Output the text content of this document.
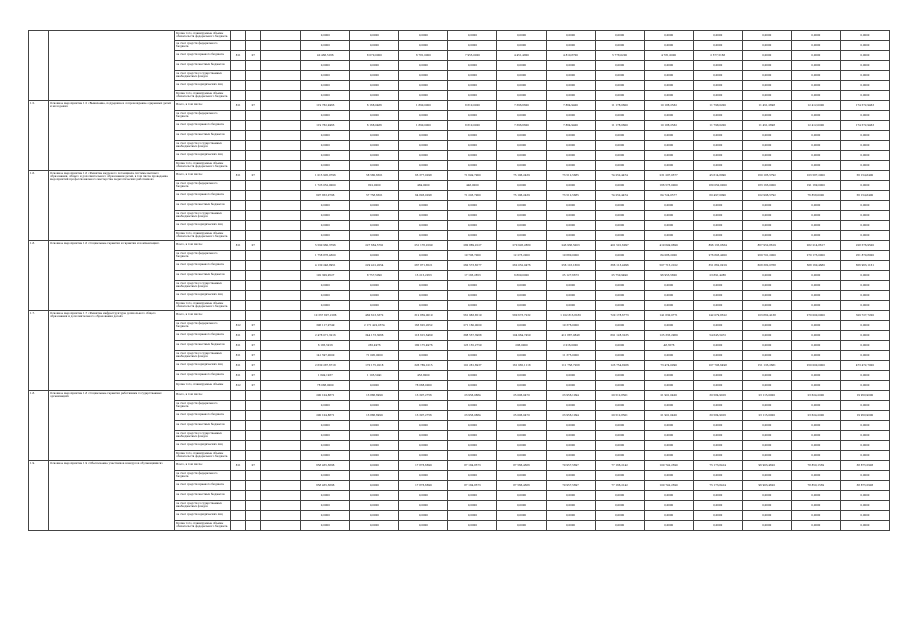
		Кроме того, планируемые объемы обязательств федерального бюджета				0,0000	0,0000	0,0000	0,0000	0,0000	0,0000	0,0000	0,0000	0,0000	0,0000	0,0000	0,0000
		за счет средств федерального бюджета				0,0000	0,0000	0,0000	0,0000	0,0000	0,0000	0,0000	0,0000	0,0000	0,0000	0,0000	0,0000
		за счет средств краевого бюджета	811	07		42 466,5166	8 070,0000	6 781,0000	7 955,0000	4 451,4800	4 810,8700	5 778,0200	4 781,0000	2 577,5166	0,0000	0,0000	0,0000
		за счет средств местных бюджетов				0,0000	0,0000	0,0000	0,0000	0,0000	0,0000	0,0000	0,0000	0,0000	0,0000	0,0000	0,0000
		за счет средств государственных внебюджетных фондов				0,0000	0,0000	0,0000	0,0000	0,0000	0,0000	0,0000	0,0000	0,0000	0,0000	0,0000	0,0000
		за счет средств юридических лиц				0,0000	0,0000	0,0000	0,0000	0,0000	0,0000	0,0000	0,0000	0,0000	0,0000	0,0000	0,0000
		Кроме того, планируемые объемы обязательств федерального бюджета				0,0000	0,0000	0,0000	0,0000	0,0000	0,0000	0,0000	0,0000	0,0000	0,0000	0,0000	0,0000
1.5.	Основное мероприятие 1.5 «Выявление, поддержка и сопровождение одаренных детей и молодежи»	Всего, в том числе:	811	07		119 762,9463	6 168,0466	1 890,0000	8 610,0000	7 396,6600	7 864,9400	11 178,0600	10 188,2562	11 798,0200	11 451,2698	12 412,0000	174 572,9463
		за счет средств федерального бюджета				0,0000	0,0000	0,0000	0,0000	0,0000	0,0000	0,0000	0,0000	0,0000	0,0000	0,0000	0,0000
		за счет средств краевого бюджета				119 762,9463	6 168,0466	1 890,0000	8 610,0000	7 396,6600	7 864,9400	11 178,0600	10 188,2562	11 798,0200	11 451,2698	12 412,0000	174 572,9463
		за счет средств местных бюджетов				0,0000	0,0000	0,0000	0,0000	0,0000	0,0000	0,0000	0,0000	0,0000	0,0000	0,0000	0,0000
		за счет средств государственных внебюджетных фондов				0,0000	0,0000	0,0000	0,0000	0,0000	0,0000	0,0000	0,0000	0,0000	0,0000	0,0000	0,0000
		за счет средств юридических лиц				0,0000	0,0000	0,0000	0,0000	0,0000	0,0000	0,0000	0,0000	0,0000	0,0000	0,0000	0,0000
		Кроме того, планируемые объемы обязательств федерального бюджета				0,0000	0,0000	0,0000	0,0000	0,0000	0,0000	0,0000	0,0000	0,0000	0,0000	0,0000	0,0000
1.6.	Основное мероприятие 1.6 «Развитие кадрового потенциала системы высшего образования, общего и дополнительного образования детей, в том числе проведение мероприятий профессионального мастерства педагогических работников»	Всего, в том числе:	811	07		1 015 905,0796	58 580,6501	65 377,0298	71 649,7900	75 196,2439	73 512,5885	74 252,4474	231 297,0577	45 614,6990	160 185,5792	103 587,2000	56 154,6400
		за счет средств федерального бюджета				1 723 052,0000	822,0000	484,0000	446,0000	0,0000	0,0000	0,0000	166 573,0000	180 050,0000	183 163,0000	191 169,0000	0,0000
		за счет средств краевого бюджета				697 853,0796	57 758,6501	64 893,0298	71 203,7900	75 196,2439	73 512,5885	74 252,4474	64 724,0577	60 497,0990	102 996,5792	76 858,0000	56 154,6400
		за счет средств местных бюджетов				0,0000	0,0000	0,0000	0,0000	0,0000	0,0000	0,0000	0,0000	0,0000	0,0000	0,0000	0,0000
		за счет средств государственных внебюджетных фондов				0,0000	0,0000	0,0000	0,0000	0,0000	0,0000	0,0000	0,0000	0,0000	0,0000	0,0000	0,0000
		за счет средств юридических лиц				0,0000	0,0000	0,0000	0,0000	0,0000	0,0000	0,0000	0,0000	0,0000	0,0000	0,0000	0,0000
		Кроме того, планируемые объемы обязательств федерального бюджета				0,0000	0,0000	0,0000	0,0000	0,0000	0,0000	0,0000	0,0000	0,0000	0,0000	0,0000	0,0000
1.8.	Основное мероприятие 1.6 «Социальные гарантии и гарантии и компенсации»	Всего, в том числе:	811	07		5 590 960,3796	227 664,5791	251 176,9199	280 889,9127	270 926,2880	243 936,5003	401 501,6097	419 649,0699	896 135,0564	867 952,8619	262 214,8617	228 576,9500
		за счет средств федерального бюджета				1 758 876,4300	0,0000	0,0000	19 706,7000	12 273,2000	19 680,0000	0,0000	84 086,2000	276 803,4000	269 701,2000	270 173,0000	251 870,8000
		за счет средств краевого бюджета				4 130 246,8951	229 412,2054	267 871,8521	260 573,6577	262 052,0476	256 116,1669	366 113,4096	507 715,2102	351 862,0919	608 382,0768	568 160,4680	656 963,1161
		за счет средств местных бюджетов				192 309,9527	8 757,5090	15 215,2053	17 183,2853	6 809,0000	25 127,6673	25 750,9490	96 953,5800	23 891,4286	0,0000	0,0000	0,0000
		за счет средств государственных внебюджетных фондов				0,0000	0,0000	0,0000	0,0000	0,0000	0,0000	0,0000	0,0000	0,0000	0,0000	0,0000	0,0000
		за счет средств юридических лиц				0,0000	0,0000	0,0000	0,0000	0,0000	0,0000	0,0000	0,0000	0,0000	0,0000	0,0000	0,0000
		Кроме того, планируемые объемы обязательств федерального бюджета				0,0000	0,0000	0,0000	0,0000	0,0000	0,0000	0,0000	0,0000	0,0000	0,0000	0,0000	0,0000
1.7.	Основное мероприятие 1.7 «Развитие инфраструктуры дошкольного общего образования и дополнительного образования детей»	Всего, в том числе:				10 337 807,2186	460 613,3372	312 859,0019	561 983,8519	580 673,7232	1 102 813,8180	720 178,6773	141 630,0771	142 079,8322	103 862,4138	270 000,0000	329 727,7200
		за счет средств федерального бюджета	812	07		396 117,9749	2 171 422,0374	163 625,2052	271 160,0000	0,0000	19 376,0000	0,0000	0,0000	0,0000	0,0000	0,0000	0,0000
		за счет средств краевого бюджета	811	07		2 478 071,3216	344 173,3066	116 615,6469	388 557,3968	104 964,7459	411 887,0848	691 128,3235	125 335,2969	54 645,5472	0,0000	0,0000	0,0000
		за счет средств местных бюджетов	811	07		6 185,5916	265,4976	180 175,4976	125 155,2759	296,0000	2 016,0000	0,0000	-48,3576	0,0000	0,0000	0,0000	0,0000
		за счет средств государственных внебюджетных фондов	811	07		141 597,0000	71 095,0000	0,0000	0,0000	0,0000	11 375,0000	0,0000	0,0000	0,0000	0,0000	0,0000	0,0000
		за счет средств юридических лиц	811	07		2 630 287,6718	170 175,0218	326 789,1015	191 281,6937	161 965,1118	111 758,7268	123 754,8266	73 474,0990	107 706,6498	151 133,2661	250 000,0000	473 472,7000
		за счет средств краевого бюджета	811	07		1 649,1937	1 195,5941	453,8000	0,0000	0,0000	0,0000	0,0000	0,0000	0,0000	0,0000	0,0000	0,0000
		Кроме того, планируемые объемы	812	07		78 088,0000	0,0000	78 088,0000	0,0000	0,0000	0,0000	0,0000	0,0000	0,0000	0,0000	0,0000	0,0000
1.8.	Основное мероприятие 1.8 «Социальные гарантии работникам государственных организаций»	Всего, в том числе:				290 104,8871	13 886,6999	13 397,2756	23 956,0884	25 006,0470	23 956,1094	29 512,8501	21 901,0400	30 584,9916	23 115,0000	23 624,2000	19 950,9000
		за счет средств федерального бюджета				0,0000	0,0000	0,0000	0,0000	0,0000	0,0000	0,0000	0,0000	0,0000	0,0000	0,0000	0,0000
		за счет средств краевого бюджета				290 104,8871	13 886,6999	13 397,2756	23 956,0884	25 006,0470	23 956,1094	29 512,8501	21 901,0400	30 584,9916	23 115,0000	23 624,2000	19 950,9000
		за счет средств местных бюджетов				0,0000	0,0000	0,0000	0,0000	0,0000	0,0000	0,0000	0,0000	0,0000	0,0000	0,0000	0,0000
		за счет средств государственных внебюджетных фондов				0,0000	0,0000	0,0000	0,0000	0,0000	0,0000	0,0000	0,0000	0,0000	0,0000	0,0000	0,0000
		за счет средств юридических лиц				0,0000	0,0000	0,0000	0,0000	0,0000	0,0000	0,0000	0,0000	0,0000	0,0000	0,0000	0,0000
		Кроме того, планируемые объемы обязательств федерального бюджета				0,0000	0,0000	0,0000	0,0000	0,0000	0,0000	0,0000	0,0000	0,0000	0,0000	0,0000	0,0000
1.9.	Основное мероприятие 1.9 «Обеспечение участников конкурсов обучающимися»	Всего, в том числе:	811	07		658 455,3696	0,0000	17 876,6699	87 184,8573	87 566,4566	79 957,5697	77 166,2142	100 742,2590	75 173,6414	96 903,4620	78 850,1539	38 875,5993
		за счет средств федерального бюджета				0,0000	0,0000	0,0000	0,0000	0,0000	0,0000	0,0000	0,0000	0,0000	0,0000	0,0000	0,0000
		за счет средств краевого бюджета				658 455,3696	0,0000	17 876,6699	87 184,8573	87 566,4566	79 957,5697	77 166,2142	100 742,2590	75 173,6414	96 903,4620	78 850,1539	38 875,5993
		за счет средств местных бюджетов				0,0000	0,0000	0,0000	0,0000	0,0000	0,0000	0,0000	0,0000	0,0000	0,0000	0,0000	0,0000
		за счет средств государственных внебюджетных фондов				0,0000	0,0000	0,0000	0,0000	0,0000	0,0000	0,0000	0,0000	0,0000	0,0000	0,0000	0,0000
		за счет средств юридических лиц				0,0000	0,0000	0,0000	0,0000	0,0000	0,0000	0,0000	0,0000	0,0000	0,0000	0,0000	0,0000
		Кроме того, планируемые объемы обязательств федерального бюджета				0,0000	0,0000	0,0000	0,0000	0,0000	0,0000	0,0000	0,0000	0,0000	0,0000	0,0000	0,0000
